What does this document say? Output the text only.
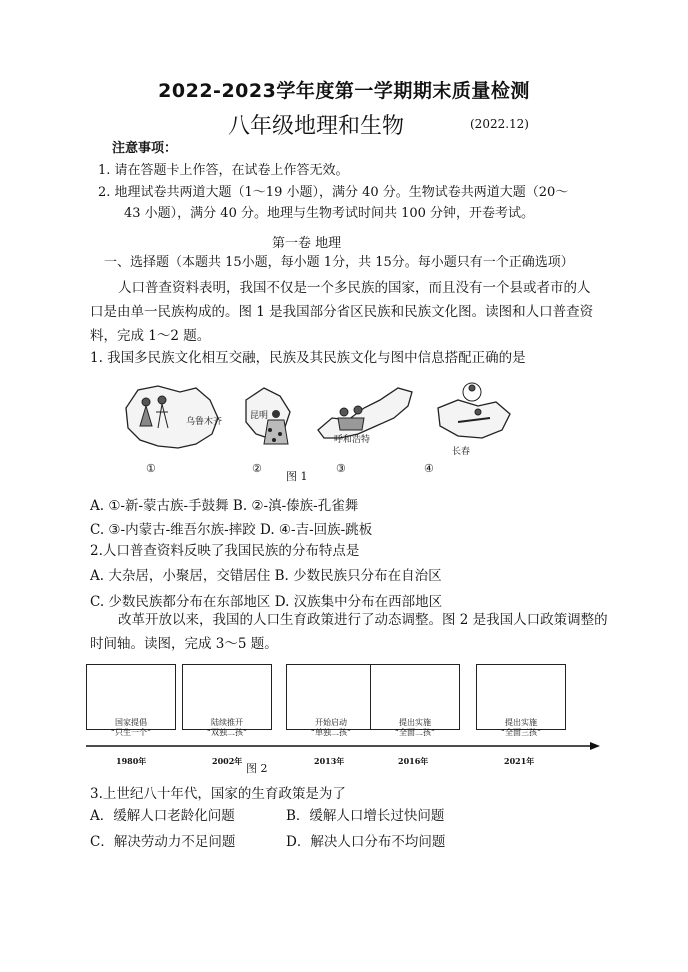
2022-2023学年度第一学期期末质量检测
八年级地理和生物	(2022.12)
注意事项：
1. 请在答题卡上作答，在试卷上作答无效。
2. 地理试卷共两道大题（1～19 小题），满分 40 分。生物试卷共两道大题（20～
43 小题），满分 40 分。地理与生物考试时间共 100 分钟，开卷考试。
第一卷 地理
一、选择题（本题共 15小题，每小题 1分，共 15分。每小题只有一个正确选项）
人口普查资料表明，我国不仅是一个多民族的国家，而且没有一个县或者市的人
口是由单一民族构成的。图 1 是我国部分省区民族和民族文化图。读图和人口普查资
料，完成 1～2 题。
1. 我国多民族文化相互交融，民族及其民族文化与图中信息搭配正确的是
乌鲁木齐
昆明
呼和浩特
长春
①	②	③	④
图 1
A. ①-新-蒙古族-手鼓舞 B. ②-滇-傣族-孔雀舞
C. ③-内蒙古-维吾尔族-摔跤 D. ④-吉-回族-跳板
2.人口普查资料反映了我国民族的分布特点是
A. 大杂居，小聚居，交错居住 B. 少数民族只分布在自治区
C. 少数民族都分布在东部地区 D. 汉族集中分布在西部地区
改革开放以来，我国的人口生育政策进行了动态调整。图 2 是我国人口政策调整的
时间轴。读图，完成 3～5 题。
国家提倡
“只生一个”
陆续推开
“双独二孩”
开始启动
“单独二孩”
提出实施
“全面二孩”
提出实施
“全面三孩”
1980年	2002年	2013年	2016年	2021年
图 2
3.上世纪八十年代，国家的生育政策是为了
A．缓解人口老龄化问题	B．缓解人口增长过快问题
C．解决劳动力不足问题	D．解决人口分布不均问题
